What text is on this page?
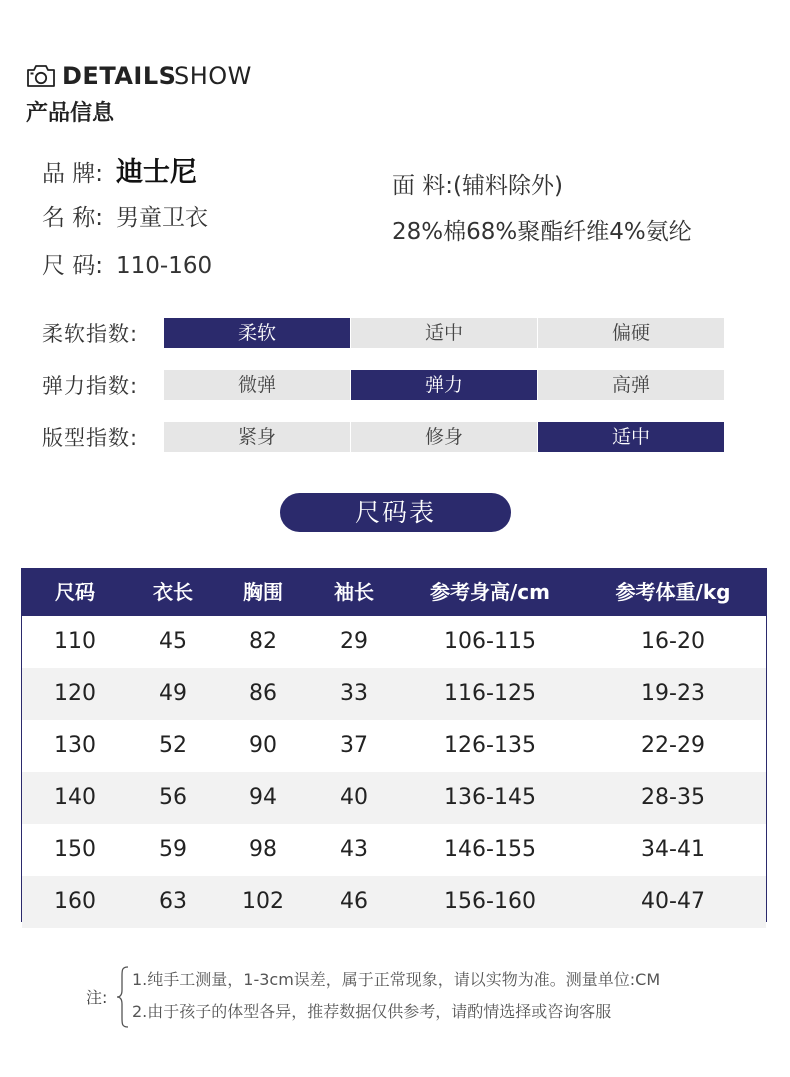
DETAILS
SHOW
产品信息
品 牌: 迪士尼
名 称: 男童卫衣
尺 码: 110-160
面 料:(辅料除外)
28%棉68%聚酯纤维4%氨纶
柔软指数:	柔软	适中	偏硬
弹力指数:	微弹	弹力	高弹
版型指数:	紧身	修身	适中
尺码表
尺码	衣长	胸围	袖长	参考身高/cm	参考体重/kg
110	45	82	29	106-115	16-20
120	49	86	33	116-125	19-23
130	52	90	37	126-135	22-29
140	56	94	40	136-145	28-35
150	59	98	43	146-155	34-41
160	63	102	46	156-160	40-47
注:
1.纯手工测量，1-3cm误差，属于正常现象，请以实物为准。测量单位:CM
2.由于孩子的体型各异，推荐数据仅供参考，请酌情选择或咨询客服
